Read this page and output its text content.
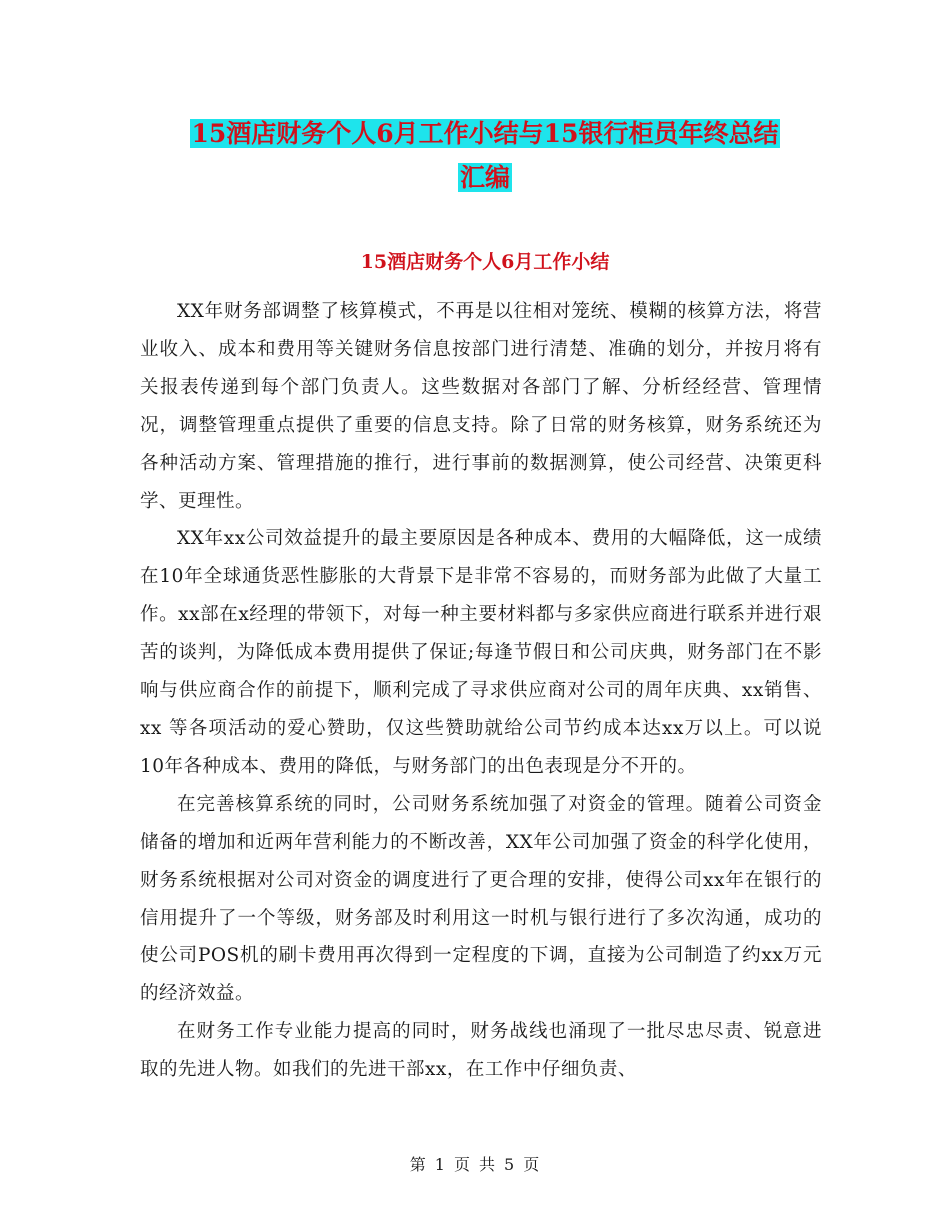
15酒店财务个人6月工作小结与15银行柜员年终总结
汇编
15酒店财务个人6月工作小结

XX年财务部调整了核算模式，不再是以往相对笼统、模糊的核算方法，将营业收入、成本和费用等关键财务信息按部门进行清楚、准确的划分，并按月将有关报表传递到每个部门负责人。这些数据对各部门了解、分析经经营、管理情况，调整管理重点提供了重要的信息支持。除了日常的财务核算，财务系统还为各种活动方案、管理措施的推行，进行事前的数据测算，使公司经营、决策更科学、更理性。

XX年xx公司效益提升的最主要原因是各种成本、费用的大幅降低，这一成绩在10年全球通货恶性膨胀的大背景下是非常不容易的，而财务部为此做了大量工作。xx部在x经理的带领下，对每一种主要材料都与多家供应商进行联系并进行艰苦的谈判，为降低成本费用提供了保证;每逢节假日和公司庆典，财务部门在不影响与供应商合作的前提下，顺利完成了寻求供应商对公司的周年庆典、xx销售、xx 等各项活动的爱心赞助，仅这些赞助就给公司节约成本达xx万以上。可以说10年各种成本、费用的降低，与财务部门的出色表现是分不开的。

在完善核算系统的同时，公司财务系统加强了对资金的管理。随着公司资金储备的增加和近两年营利能力的不断改善，XX年公司加强了资金的科学化使用，财务系统根据对公司对资金的调度进行了更合理的安排，使得公司xx年在银行的信用提升了一个等级，财务部及时利用这一时机与银行进行了多次沟通，成功的使公司POS机的刷卡费用再次得到一定程度的下调，直接为公司制造了约xx万元的经济效益。

在财务工作专业能力提高的同时，财务战线也涌现了一批尽忠尽责、锐意进取的先进人物。如我们的先进干部xx，在工作中仔细负责、

第 1 页 共 5 页
